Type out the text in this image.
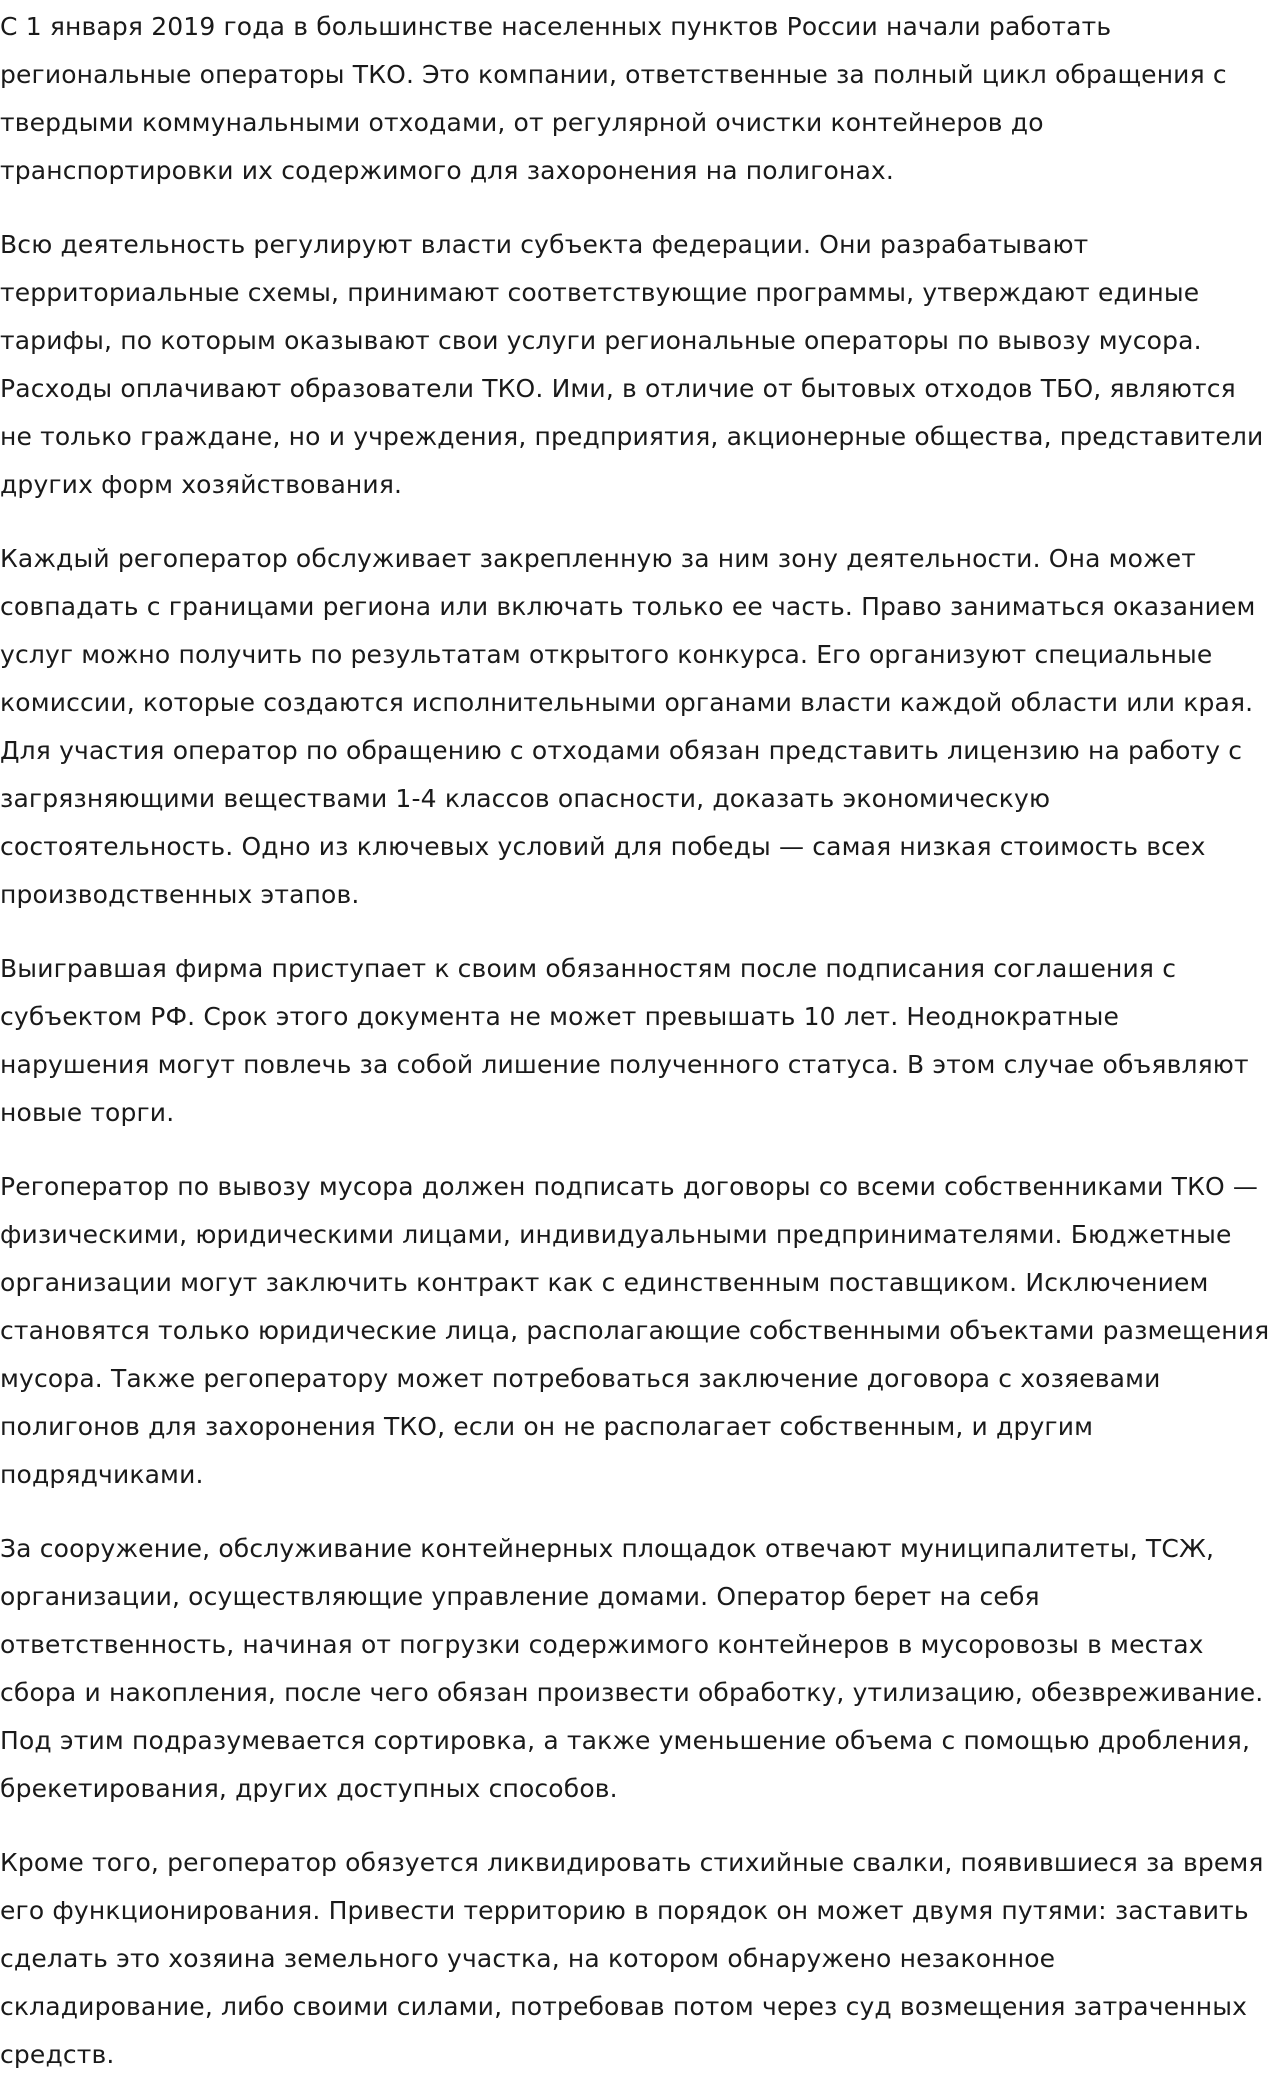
С 1 января 2019 года в большинстве населенных пунктов России начали работать региональные операторы ТКО. Это компании, ответственные за полный цикл обращения с твердыми коммунальными отходами, от регулярной очистки контейнеров до транспортировки их содержимого для захоронения на полигонах.

Всю деятельность регулируют власти субъекта федерации. Они разрабатывают территориальные схемы, принимают соответствующие программы, утверждают единые тарифы, по которым оказывают свои услуги региональные операторы по вывозу мусора. Расходы оплачивают образователи ТКО. Ими, в отличие от бытовых отходов ТБО, являются не только граждане, но и учреждения, предприятия, акционерные общества, представители других форм хозяйствования.

Каждый регоператор обслуживает закрепленную за ним зону деятельности. Она может совпадать с границами региона или включать только ее часть. Право заниматься оказанием услуг можно получить по результатам открытого конкурса. Его организуют специальные комиссии, которые создаются исполнительными органами власти каждой области или края. Для участия оператор по обращению с отходами обязан представить лицензию на работу с загрязняющими веществами 1-4 классов опасности, доказать экономическую состоятельность. Одно из ключевых условий для победы — самая низкая стоимость всех производственных этапов.

Выигравшая фирма приступает к своим обязанностям после подписания соглашения с субъектом РФ. Срок этого документа не может превышать 10 лет. Неоднократные нарушения могут повлечь за собой лишение полученного статуса. В этом случае объявляют новые торги.

Регоператор по вывозу мусора должен подписать договоры со всеми собственниками ТКО — физическими, юридическими лицами, индивидуальными предпринимателями. Бюджетные организации могут заключить контракт как с единственным поставщиком. Исключением становятся только юридические лица, располагающие собственными объектами размещения мусора. Также регоператору может потребоваться заключение договора с хозяевами полигонов для захоронения ТКО, если он не располагает собственным, и другим подрядчиками.

За сооружение, обслуживание контейнерных площадок отвечают муниципалитеты, ТСЖ, организации, осуществляющие управление домами. Оператор берет на себя ответственность, начиная от погрузки содержимого контейнеров в мусоровозы в местах сбора и накопления, после чего обязан произвести обработку, утилизацию, обезвреживание. Под этим подразумевается сортировка, а также уменьшение объема с помощью дробления, брекетирования, других доступных способов.

Кроме того, регоператор обязуется ликвидировать стихийные свалки, появившиеся за время его функционирования. Привести территорию в порядок он может двумя путями: заставить сделать это хозяина земельного участка, на котором обнаружено незаконное складирование, либо своими силами, потребовав потом через суд возмещения затраченных средств.
